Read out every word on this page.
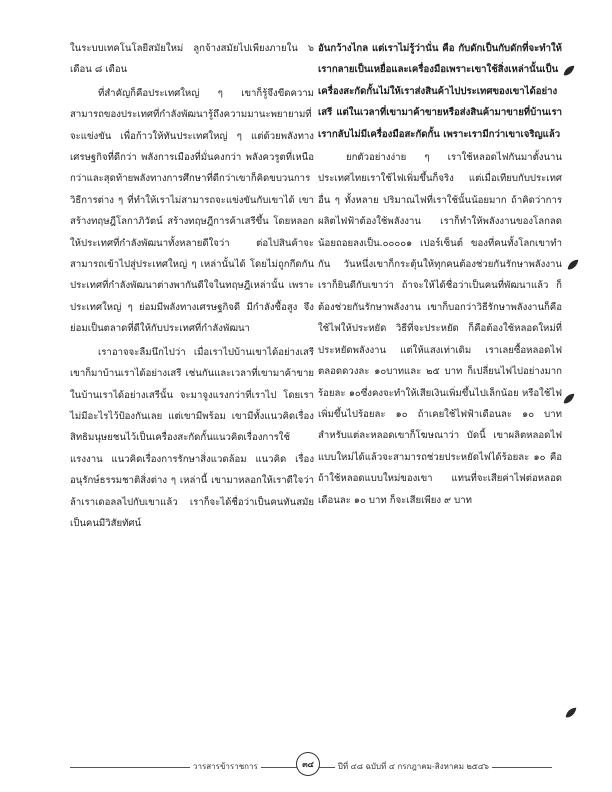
ในระบบเทคโนโลยีสมัยใหม่ ลูกจ้างสมัยไปเพียงภายใน ๖ เดือน ๘ เดือน

ที่สำคัญก็คือประเทศใหญ่ ๆ เขาก็รู้จึงขีดความสามารถของประเทศที่กำลังพัฒนารู้ถึงความมานะพยายามที่จะแข่งขัน เพื่อก้าวให้ทันประเทศใหญ่ ๆ แต่ด้วยพลังทางเศรษฐกิจที่ดีกว่า พลังการเมืองที่มั่นคงกว่า พลังควรูตที่เหนือกว่าและสุดท้ายพลังทางการศึกษาที่ดีกว่าเขาก็คิดขบวนการวิธีการต่าง ๆ ที่ทำให้เราไม่สามารถจะแข่งขันกับเขาได้ เขาสร้างทฤษฎีโลกาภิวัตน์ สร้างทฤษฎีการค้าเสรีขึ้น โดยหลอกให้ประเทศที่กำลังพัฒนาทั้งหลายดีใจว่า ต่อไปสินค้าจะสามารถเข้าไปสู่ประเทศใหญ่ ๆ เหล่านั้นได้ โดยไม่ถูกกีดกัน ประเทศที่กำลังพัฒนาต่างพากันดีใจในทฤษฎีเหล่านั้น เพราะประเทศใหญ่ ๆ ย่อมมีพลังทางเศรษฐกิจดี มีกำลังซื้อสูง จึงย่อมเป็นตลาดที่ดีให้กับประเทศที่กำลังพัฒนา

เราอาจจะลืมนึกไปว่า เมื่อเราไปบ้านเขาได้อย่างเสรี เขาก็มาบ้านเราได้อย่างเสรี เช่นกันและเวลาที่เขามาค้าขายในบ้านเราได้อย่างเสรีนั้น จะมาจูงแรงกว่าที่เราไป โดยเราไม่มีอะไรไว้ป้องกันเลย แต่เขามีพร้อม เขามีทั้งแนวคิดเรื่องสิทธิมนุษยชนไว้เป็นเครื่องสะกัดกั้นแนวคิดเรื่องการใช้แรงงาน แนวคิดเรื่องการรักษาสิ่งแวดล้อม แนวคิด เรื่องอนุรักษ์ธรรมชาติสิ่งต่าง ๆ เหล่านี้ เขามาหลอกให้เราดีใจว่าล้าเราเดอลลไปกับเขาแล้ว เราก็จะได้ชื่อว่าเป็นคนทันสมัย เป็นคนมีวิสัยทัศน์

อันกว้างไกล แต่เราไม่รู้ว่านั่น คือ กับดักเป็นกับดักที่จะทำให้เรากลายเป็นเหยื่อและเครื่องมือเพราะเขาใช้สิ่งเหล่านั้นเป็นเครื่องสะกัดกั้นไม่ให้เราส่งสินค้าไปประเทศของเขาได้อย่างเสรี แต่ในเวลาที่เขามาค้าขายหรือส่งสินค้ามาขายที่บ้านเราเรากลับไม่มีเครื่องมือสะกัดกั้น เพราะเรามีกว่าเขาเจริญแล้ว

ยกตัวอย่างง่าย ๆ เราใช้หลอดไฟกันมาตั้งนาน ประเทศไทยเราใช้ไฟเพิ่มขึ้นก็จริง แต่เมื่อเทียบกับประเทศอื่น ๆ ทั้งหลาย ปริมาณไฟที่เราใช้นั้นน้อยมาก ถ้าคิดว่าการผลิตไฟฟ้าต้องใช้พลังงาน เราก็ทำให้พลังงานของโลกลดน้อยถอยลงเป็น.๐๐๐๐๑ เปอร์เซ็นต์ ของที่คนทั้งโลกเขาทำกัน วันหนึ่งเขาก็กระตุ้นให้ทุกคนต้องช่วยกันรักษาพลังงานเราก็ยินดีกับเขาว่า ถ้าจะให้ได้ชื่อว่าเป็นคนที่พัฒนาแล้ว ก็ต้องช่วยกันรักษาพลังงาน เขาก็บอกว่าวิธีรักษาพลังงานก็คือ ใช้ไฟให้ประหยัด วิธีที่จะประหยัด ก็คือต้องใช้หลอดใหม่ที่ประหยัดพลังงาน แต่ให้แสงเท่าเดิม เราเลยซื้อหลอดไฟตลอดดวงละ ๑๐บาทและ ๒๕ บาท ก็เปลี่ยนไฟไปอย่างมากร้อยละ ๑๐ซึ่งคงจะทำให้เสียเงินเพิ่มขึ้นไปเล็กน้อย หรือใช้ไฟเพิ่มขึ้นไปร้อยละ ๑๐ ถ้าเคยใช้ไฟฟ้าเดือนละ ๑๐ บาท สำหรับแต่ละหลอดเขาก็โฆษณาว่า บัดนี้ เขาผลิตหลอดไฟแบบใหม่ได้แล้วจะสามารถช่วยประหยัดไฟได้ร้อยละ ๑๐ คือ ถ้าใช้หลอดแบบใหม่ของเขา แทนที่จะเสียค่าไฟต่อหลอดเดือนละ ๑๐ บาท ก็จะเสียเพียง ๙ บาท

วารสารข้าราชการ	๓๔	ปีที่ ๔๘ ฉบับที่ ๔ กรกฎาคม-สิงหาคม ๒๕๔๖
